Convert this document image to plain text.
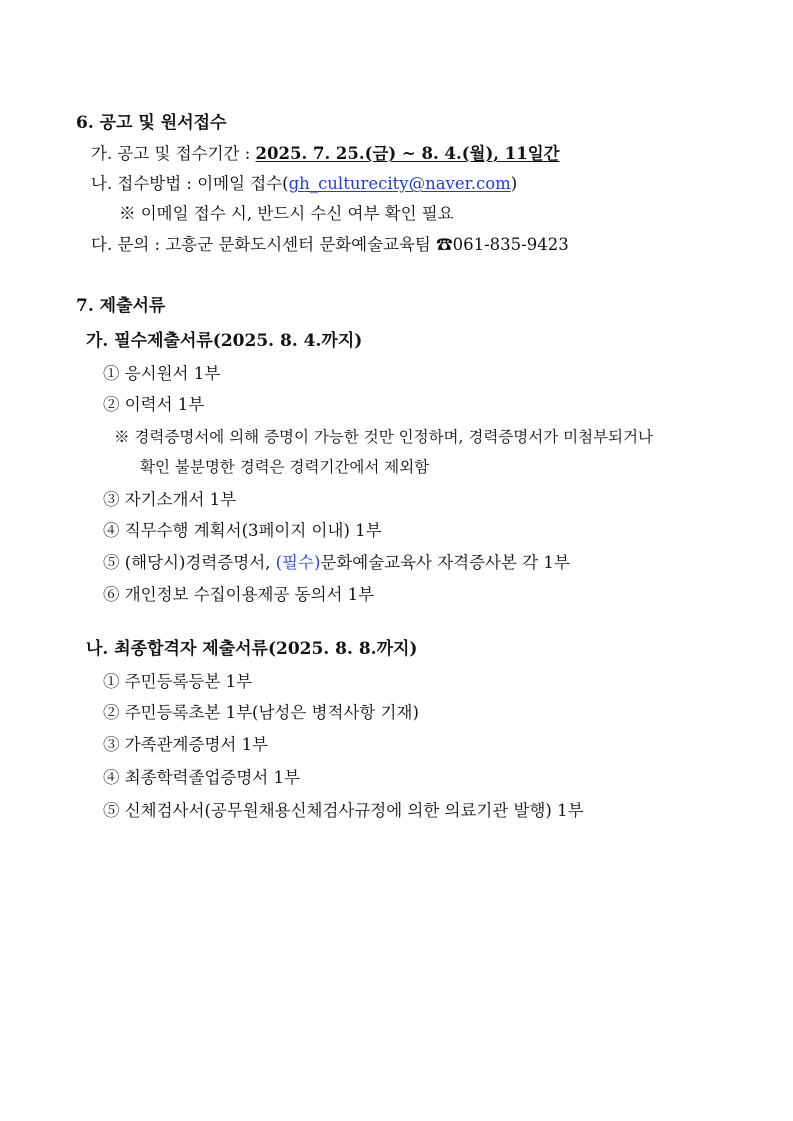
6. 공고 및 원서접수
가. 공고 및 접수기간 : 2025. 7. 25.(금) ~ 8. 4.(월), 11일간
나. 접수방법 : 이메일 접수(gh_culturecity@naver.com)
※ 이메일 접수 시, 반드시 수신 여부 확인 필요
다. 문의 : 고흥군 문화도시센터 문화예술교육팀 ☎061-835-9423
7. 제출서류
가. 필수제출서류(2025. 8. 4.까지)
① 응시원서 1부
② 이력서 1부
※ 경력증명서에 의해 증명이 가능한 것만 인정하며, 경력증명서가 미첨부되거나
확인 불분명한 경력은 경력기간에서 제외함
③ 자기소개서 1부
④ 직무수행 계획서(3페이지 이내) 1부
⑤ (해당시)경력증명서, (필수)문화예술교육사 자격증사본 각 1부
⑥ 개인정보 수집이용제공 동의서 1부
나. 최종합격자 제출서류(2025. 8. 8.까지)
① 주민등록등본 1부
② 주민등록초본 1부(남성은 병적사항 기재)
③ 가족관계증명서 1부
④ 최종학력졸업증명서 1부
⑤ 신체검사서(공무원채용신체검사규정에 의한 의료기관 발행) 1부
